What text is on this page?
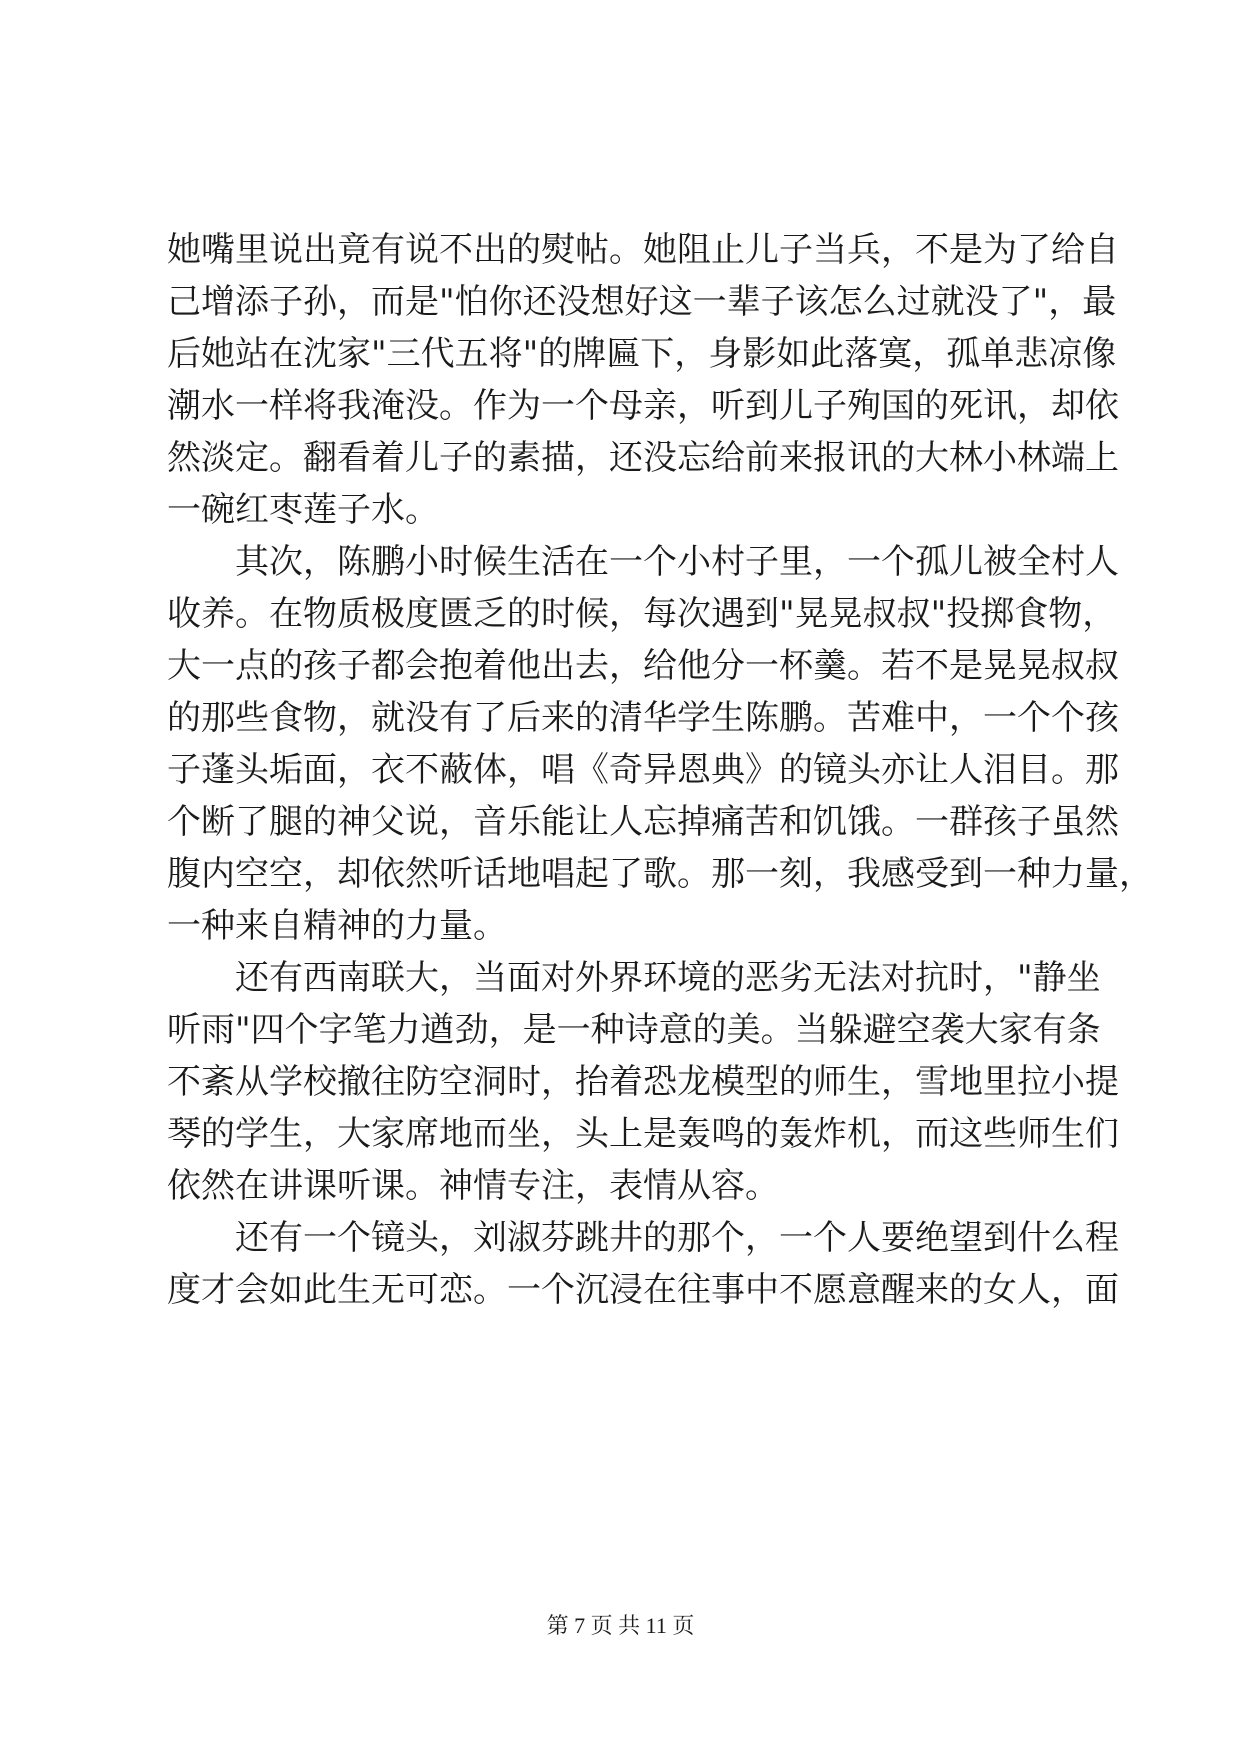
她嘴里说出竟有说不出的熨帖。她阻止儿子当兵，不是为了给自
己增添子孙，而是"怕你还没想好这一辈子该怎么过就没了"，最
后她站在沈家"三代五将"的牌匾下，身影如此落寞，孤单悲凉像
潮水一样将我淹没。作为一个母亲，听到儿子殉国的死讯，却依
然淡定。翻看着儿子的素描，还没忘给前来报讯的大林小林端上
一碗红枣莲子水。
其次，陈鹏小时候生活在一个小村子里，一个孤儿被全村人
收养。在物质极度匮乏的时候，每次遇到"晃晃叔叔"投掷食物，
大一点的孩子都会抱着他出去，给他分一杯羹。若不是晃晃叔叔
的那些食物，就没有了后来的清华学生陈鹏。苦难中，一个个孩
子蓬头垢面，衣不蔽体，唱《奇异恩典》的镜头亦让人泪目。那
个断了腿的神父说，音乐能让人忘掉痛苦和饥饿。一群孩子虽然
腹内空空，却依然听话地唱起了歌。那一刻，我感受到一种力量，
一种来自精神的力量。
还有西南联大，当面对外界环境的恶劣无法对抗时，"静坐
听雨"四个字笔力遒劲，是一种诗意的美。当躲避空袭大家有条
不紊从学校撤往防空洞时，抬着恐龙模型的师生，雪地里拉小提
琴的学生，大家席地而坐，头上是轰鸣的轰炸机，而这些师生们
依然在讲课听课。神情专注，表情从容。
还有一个镜头，刘淑芬跳井的那个，一个人要绝望到什么程
度才会如此生无可恋。一个沉浸在往事中不愿意醒来的女人，面
第 7 页 共 11 页
